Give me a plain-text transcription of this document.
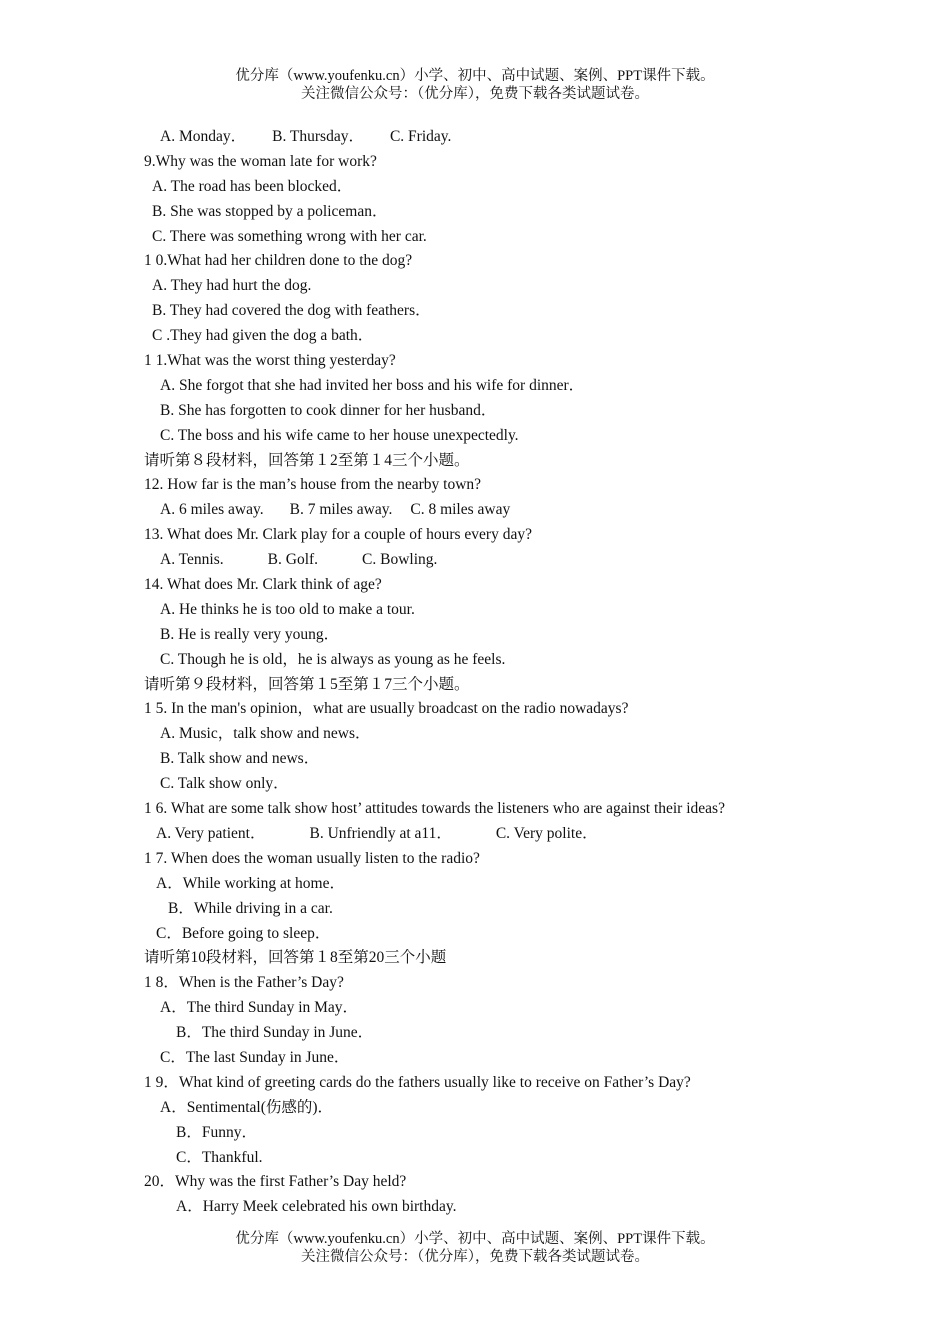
优分库（www.youfenku.cn）小学、初中、高中试题、案例、PPT课件下载。
关注微信公众号：（优分库），免费下载各类试题试卷。
A. Monday． B. Thursday． C. Friday.
9.Why was the woman late for work?
A. The road has been blocked．
B. She was stopped by a policeman．
C. There was something wrong with her car.
1 0.What had her children done to the dog?
A. They had hurt the dog.
B. They had covered the dog with feathers．
C .They had given the dog a bath．
1 1.What was the worst thing yesterday?
A. She forgot that she had invited her boss and his wife for dinner．
B. She has forgotten to cook dinner for her husband．
C. The boss and his wife came to her house unexpectedly.
请听第８段材料，回答第１2至第１4三个小题。
12. How far is the man’s house from the nearby town?
A. 6 miles away. B. 7 miles away. C. 8 miles away
13. What does Mr. Clark play for a couple of hours every day?
A. Tennis.	B. Golf.	C. Bowling.
14. What does Mr. Clark think of age?
A. He thinks he is too old to make a tour.
B. He is really very young．
C. Though he is old，he is always as young as he feels.
请听第９段材料，回答第１5至第１7三个小题。
1 5. In the man's opinion，what are usually broadcast on the radio nowadays?
A. Music，talk show and news．
B. Talk show and news．
C. Talk show only．
1 6. What are some talk show host’ attitudes towards the listeners who are against their ideas?
A. Very patient．	B. Unfriendly at a11．	C. Very polite．
1 7. When does the woman usually listen to the radio?
A．While working at home．
B．While driving in a car.
C．Before going to sleep．
请听第10段材料，回答第１8至第20三个小题
1 8．When is the Father’s Day?
A．The third Sunday in May．
B．The third Sunday in June．
C．The last Sunday in June．
1 9．What kind of greeting cards do the fathers usually like to receive on Father’s Day?
A．Sentimental(伤感的)．
B．Funny．
C．Thankful.
20．Why was the first Father’s Day held?
A．Harry Meek celebrated his own birthday.
优分库（www.youfenku.cn）小学、初中、高中试题、案例、PPT课件下载。
关注微信公众号：（优分库），免费下载各类试题试卷。
